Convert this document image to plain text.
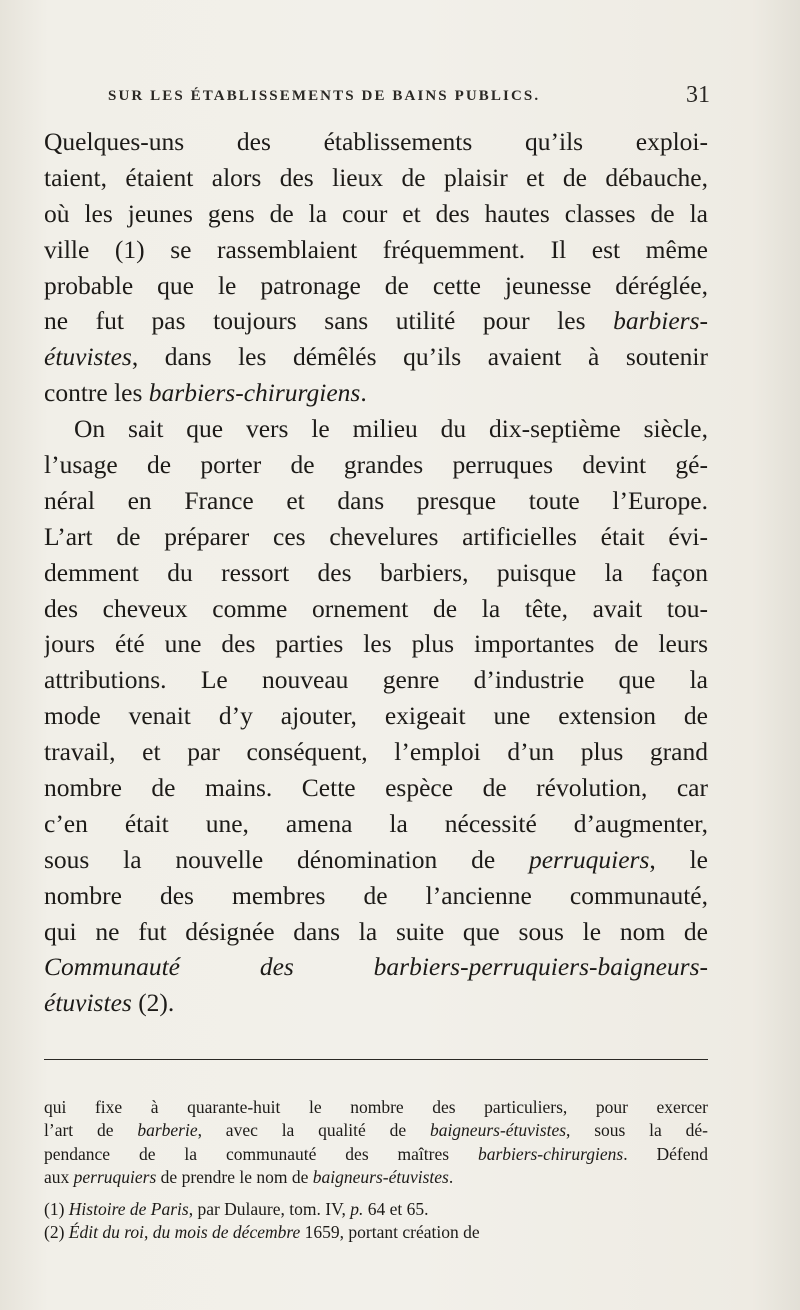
SUR LES ÉTABLISSEMENTS DE BAINS PUBLICS.	31
Quelques-uns des établissements qu’ils exploi-
taient, étaient alors des lieux de plaisir et de débauche,
où les jeunes gens de la cour et des hautes classes de la
ville (1) se rassemblaient fréquemment. Il est même
probable que le patronage de cette jeunesse déréglée,
ne fut pas toujours sans utilité pour les barbiers-
étuvistes, dans les démêlés qu’ils avaient à soutenir
contre les barbiers-chirurgiens.
On sait que vers le milieu du dix-septième siècle,
l’usage de porter de grandes perruques devint gé-
néral en France et dans presque toute l’Europe.
L’art de préparer ces chevelures artificielles était évi-
demment du ressort des barbiers, puisque la façon
des cheveux comme ornement de la tête, avait tou-
jours été une des parties les plus importantes de leurs
attributions. Le nouveau genre d’industrie que la
mode venait d’y ajouter, exigeait une extension de
travail, et par conséquent, l’emploi d’un plus grand
nombre de mains. Cette espèce de révolution, car
c’en était une, amena la nécessité d’augmenter,
sous la nouvelle dénomination de perruquiers, le
nombre des membres de l’ancienne communauté,
qui ne fut désignée dans la suite que sous le nom de
Communauté des barbiers-perruquiers-baigneurs-
étuvistes (2).
qui fixe à quarante-huit le nombre des particuliers, pour exercer
l’art de barberie, avec la qualité de baigneurs-étuvistes, sous la dé-
pendance de la communauté des maîtres barbiers-chirurgiens. Défend
aux perruquiers de prendre le nom de baigneurs-étuvistes.
(1) Histoire de Paris, par Dulaure, tom. IV, p. 64 et 65.
(2) Édit du roi, du mois de décembre 1659, portant création de
